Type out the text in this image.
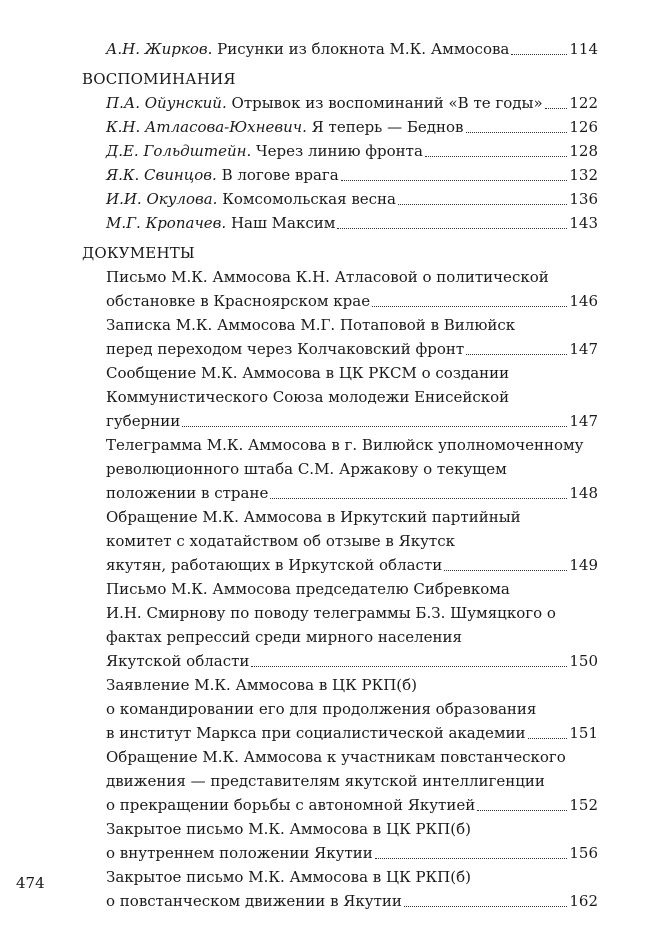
А.Н. Жирков. Рисунки из блокнота М.К. Аммосова	114
ВОСПОМИНАНИЯ
П.А. Ойунский. Отрывок из воспоминаний «В те годы» 122
К.Н. Атласова-Юхневич. Я теперь — Беднов	126
Д.Е. Гольдштейн. Через линию фронта	128
Я.К. Свинцов. В логове врага	132
И.И. Окулова. Комсомольская весна	136
М.Г. Кропачев. Наш Максим	143
ДОКУМЕНТЫ
Письмо М.К. Аммосова К.Н. Атласовой о политической
обстановке в Красноярском крае	146
Записка М.К. Аммосова М.Г. Потаповой в Вилюйск
перед переходом через Колчаковский фронт	147
Сообщение М.К. Аммосова в ЦК РКСМ о создании
Коммунистического Союза молодежи Енисейской
губернии	147
Телеграмма М.К. Аммосова в г. Вилюйск уполномоченному
революционного штаба С.М. Аржакову о текущем
положении в стране	148
Обращение М.К. Аммосова в Иркутский партийный
комитет с ходатайством об отзыве в Якутск
якутян, работающих в Иркутской области	149
Письмо М.К. Аммосова председателю Сибревкома
И.Н. Смирнову по поводу телеграммы Б.З. Шумяцкого о
фактах репрессий среди мирного населения
Якутской области	150
Заявление М.К. Аммосова в ЦК РКП(б)
о командировании его для продолжения образования
в институт Маркса при социалистической академии	151
Обращение М.К. Аммосова к участникам повстанческого
движения — представителям якутской интеллигенции
о прекращении борьбы с автономной Якутией	152
Закрытое письмо М.К. Аммосова в ЦК РКП(б)
о внутреннем положении Якутии	156
Закрытое письмо М.К. Аммосова в ЦК РКП(б)
о повстанческом движении в Якутии	162
474
